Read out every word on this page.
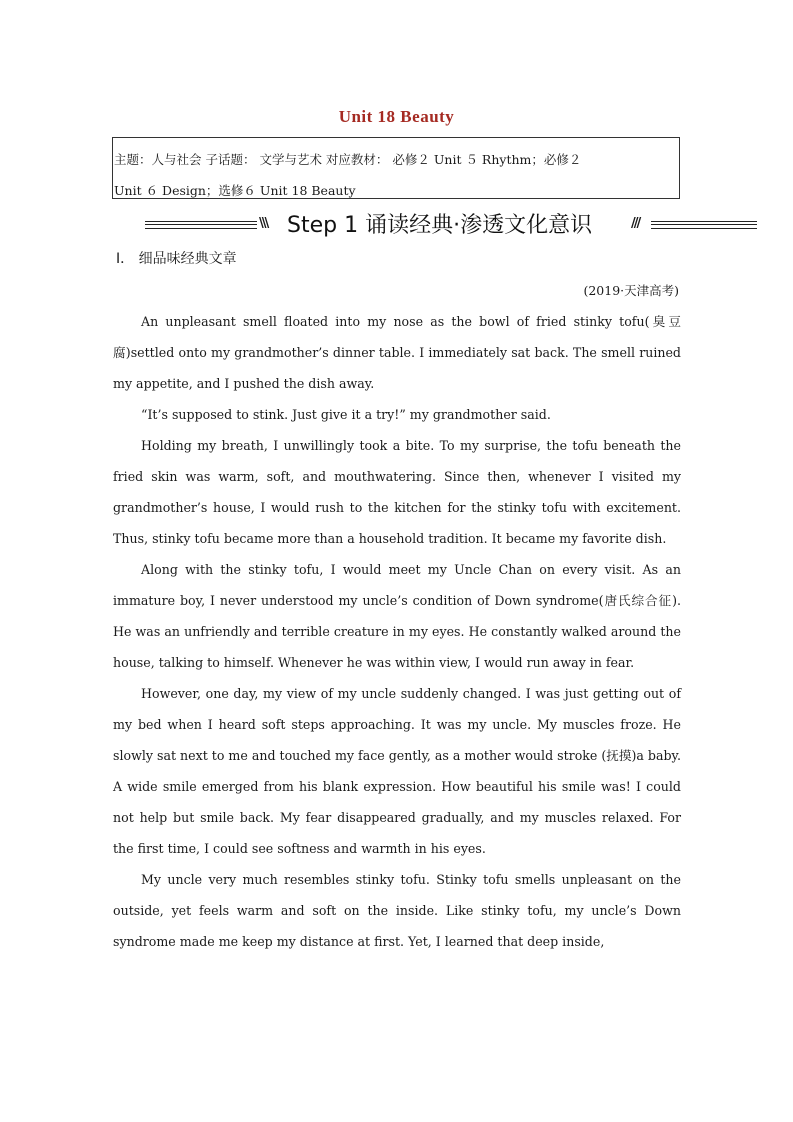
Unit 18 Beauty
主题：人与社会 子话题： 文学与艺术 对应教材： 必修２ Unit ５ Rhythm；必修２
Unit ６ Design；选修６ Unit 18 Beauty
\\\ Step 1 诵读经典·渗透文化意识	///
Ⅰ． 细品味经典文章
(2019·天津高考)

An unpleasant smell floated into my nose as the bowl of fried stinky tofu(臭豆腐)settled onto my grandmother’s dinner table. I immediately sat back. The smell ruined my appetite, and I pushed the dish away.

“It’s supposed to stink. Just give it a try!” my grandmother said.

Holding my breath, I unwillingly took a bite. To my surprise, the tofu beneath the fried skin was warm, soft, and mouthwatering. Since then, whenever I visited my grandmother’s house, I would rush to the kitchen for the stinky tofu with excitement. Thus, stinky tofu became more than a household tradition. It became my favorite dish.

Along with the stinky tofu, I would meet my Uncle Chan on every visit. As an immature boy, I never understood my uncle’s condition of Down syndrome(唐氏综合征). He was an unfriendly and terrible creature in my eyes. He constantly walked around the house, talking to himself. Whenever he was within view, I would run away in fear.

However, one day, my view of my uncle suddenly changed. I was just getting out of my bed when I heard soft steps approaching. It was my uncle. My muscles froze. He slowly sat next to me and touched my face gently, as a mother would stroke (抚摸)a baby. A wide smile emerged from his blank expression. How beautiful his smile was! I could not help but smile back. My fear disappeared gradually, and my muscles relaxed. For the first time, I could see softness and warmth in his eyes.

My uncle very much resembles stinky tofu. Stinky tofu smells unpleasant on the outside, yet feels warm and soft on the inside. Like stinky tofu, my uncle’s Down syndrome made me keep my distance at first. Yet, I learned that deep inside,
